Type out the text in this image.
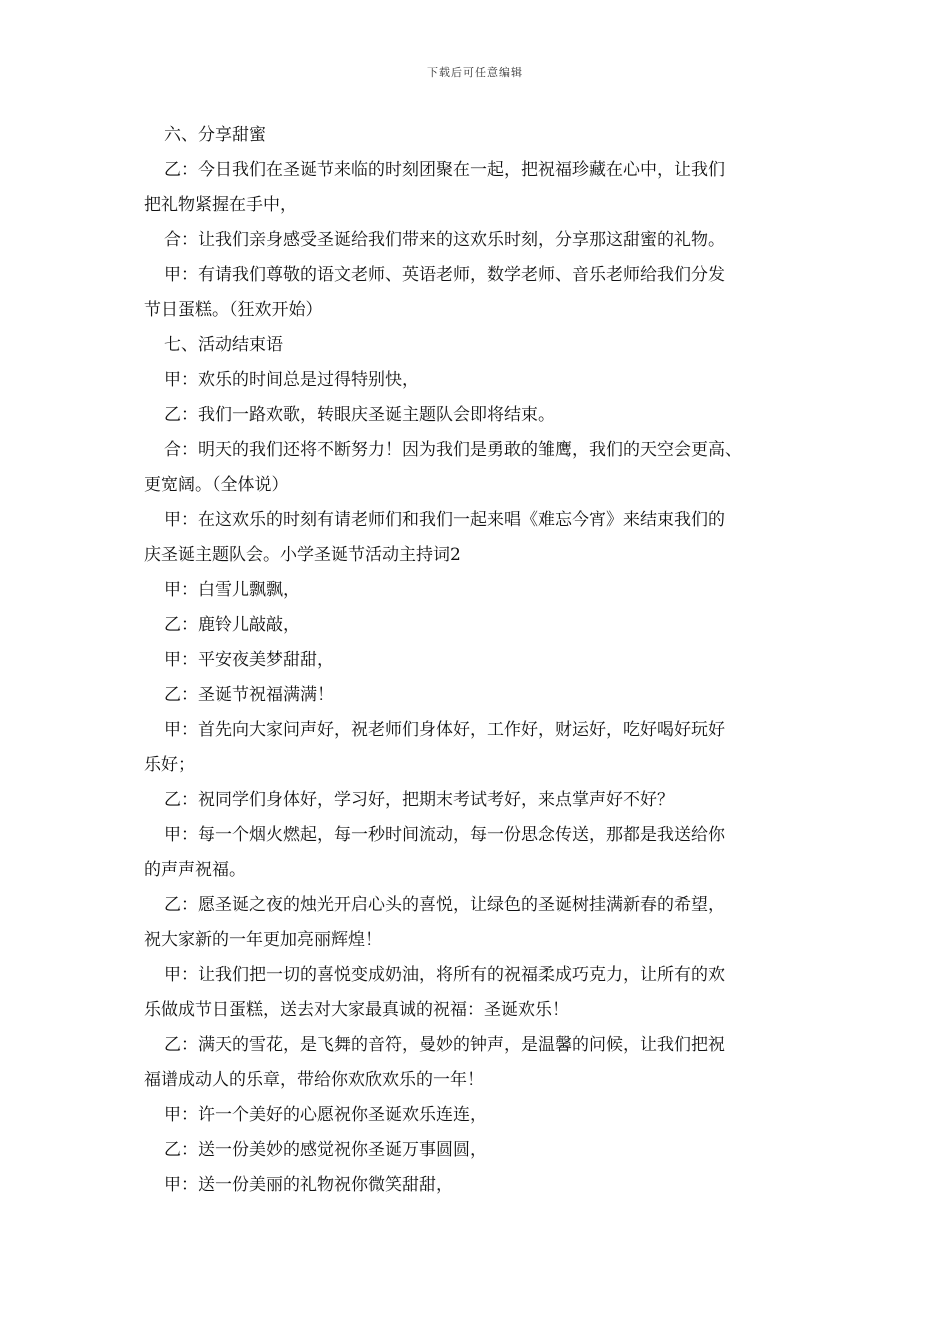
下载后可任意编辑

六、分享甜蜜

乙：今日我们在圣诞节来临的时刻团聚在一起，把祝福珍藏在心中，让我们
把礼物紧握在手中，

合：让我们亲身感受圣诞给我们带来的这欢乐时刻，分享那这甜蜜的礼物。

甲：有请我们尊敬的语文老师、英语老师，数学老师、音乐老师给我们分发
节日蛋糕。（狂欢开始）

七、活动结束语

甲：欢乐的时间总是过得特别快，

乙：我们一路欢歌，转眼庆圣诞主题队会即将结束。

合：明天的我们还将不断努力！因为我们是勇敢的雏鹰，我们的天空会更高、
更宽阔。（全体说）

甲：在这欢乐的时刻有请老师们和我们一起来唱《难忘今宵》来结束我们的
庆圣诞主题队会。小学圣诞节活动主持词2

甲：白雪儿飘飘，

乙：鹿铃儿敲敲，

甲：平安夜美梦甜甜，

乙：圣诞节祝福满满！

甲：首先向大家问声好，祝老师们身体好，工作好，财运好，吃好喝好玩好
乐好；

乙：祝同学们身体好，学习好，把期末考试考好，来点掌声好不好？

甲：每一个烟火燃起，每一秒时间流动，每一份思念传送，那都是我送给你
的声声祝福。

乙：愿圣诞之夜的烛光开启心头的喜悦，让绿色的圣诞树挂满新春的希望，
祝大家新的一年更加亮丽辉煌！

甲：让我们把一切的喜悦变成奶油，将所有的祝福柔成巧克力，让所有的欢
乐做成节日蛋糕，送去对大家最真诚的祝福：圣诞欢乐！

乙：满天的雪花，是飞舞的音符，曼妙的钟声，是温馨的问候，让我们把祝
福谱成动人的乐章，带给你欢欣欢乐的一年！

甲：许一个美好的心愿祝你圣诞欢乐连连，

乙：送一份美妙的感觉祝你圣诞万事圆圆，

甲：送一份美丽的礼物祝你微笑甜甜，
